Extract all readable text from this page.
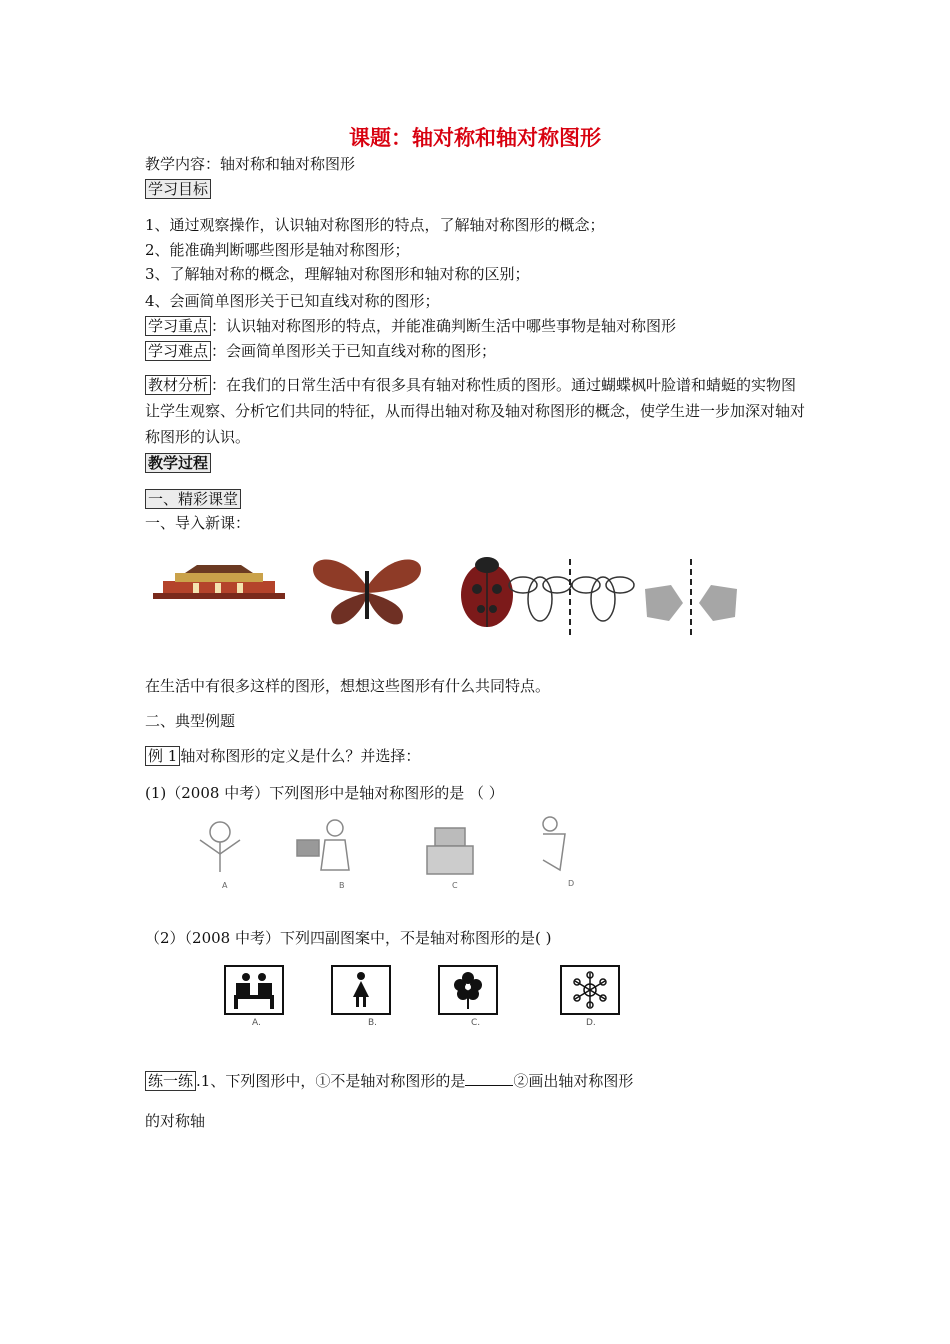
课题：轴对称和轴对称图形
教学内容：轴对称和轴对称图形
学习目标
1、通过观察操作，认识轴对称图形的特点，了解轴对称图形的概念；
2、能准确判断哪些图形是轴对称图形；
3、了解轴对称的概念，理解轴对称图形和轴对称的区别；
4、会画简单图形关于已知直线对称的图形；
学习重点 ：认识轴对称图形的特点，并能准确判断生活中哪些事物是轴对称图形
学习难点 ：会画简单图形关于已知直线对称的图形；
教材分析 ：在我们的日常生活中有很多具有轴对称性质的图形。通过蝴蝶枫叶脸谱和蜻蜓的实物图让学生观察、分析它们共同的特征，从而得出轴对称及轴对称图形的概念，使学生进一步加深对轴对称图形的认识。
教学过程
一、精彩课堂
一、导入新课：
在生活中有很多这样的图形，想想这些图形有什么共同特点。
二、典型例题
例 1 轴对称图形的定义是什么？并选择：
(1)（2008 中考）下列图形中是轴对称图形的是 （ ）
A	B	C	D
（2）（2008 中考）下列四副图案中，不是轴对称图形的是( )
A.	B.	C.	D.
练一练 .1、下列图形中，①不是轴对称图形的是	②画出轴对称图形
的对称轴
